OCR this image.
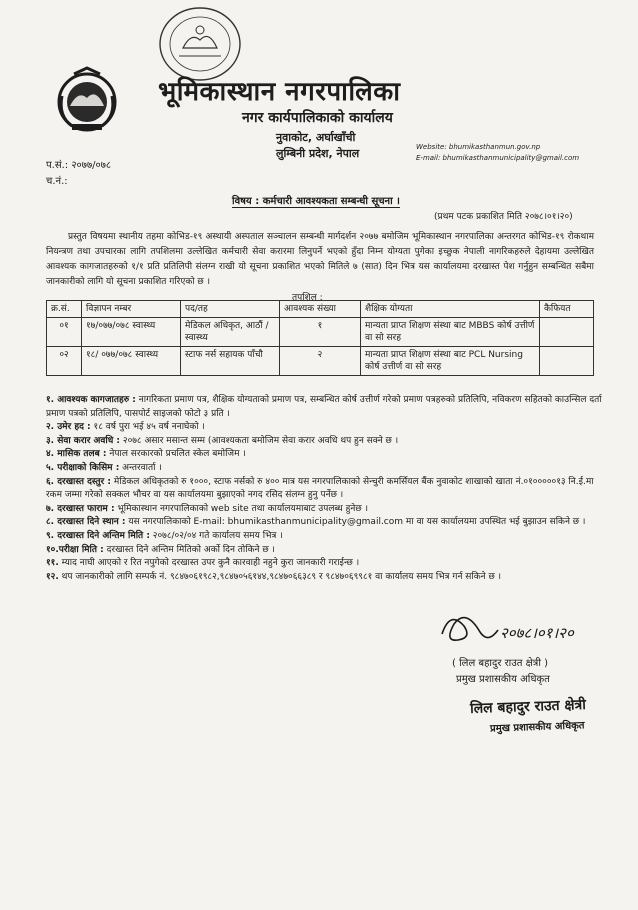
भूमिकास्थान नगरपालिका
नगर कार्यपालिकाको कार्यालय
नुवाकोट, अर्घाखाँची
लुम्बिनी प्रदेश, नेपाल	Website: bhumikasthanmun.gov.np
E-mail: bhumikasthanmunicipality@gmail.com
प.सं.: २०७७/०७८
च.नं.:
विषय : कर्मचारी आवश्यकता सम्बन्धी सूचना ।
(प्रथम पटक प्रकाशित मिति २०७८।०१।२०)
प्रस्तुत विषयमा स्थानीय तहमा कोभिड-१९ अस्थायी अस्पताल सञ्चालन सम्बन्धी मार्गदर्शन २०७७ बमोजिम भूमिकास्थान नगरपालिका अन्तरगत कोभिड-१९ रोकथाम नियन्त्रण तथा उपचारका लागि तपशिलमा उल्लेखित कर्मचारी सेवा करारमा लिनुपर्ने भएको हुँदा निम्न योग्यता पुगेका इच्छुक नेपाली नागरिकहरुले देहायमा उल्लेखित आवश्यक कागजातहरुको १/१ प्रति प्रतिलिपी संलग्न राखी यो सूचना प्रकाशित भएको मितिले ७ (सात) दिन भित्र यस कार्यालयमा दरखास्त पेश गर्नुहुन सम्बन्धित सबैमा जानकारीको लागि यो सूचना प्रकाशित गरिएको छ ।
तपशिल :
क्र.सं.	विज्ञापन नम्बर	पद/तह	आवश्यक संख्या	शैक्षिक योग्यता	कैफियत
०१	१७/०७७/०७८ स्वास्थ्य	मेडिकल अधिकृत, आठौं / स्वास्थ्य	१	मान्यता प्राप्त शिक्षण संस्था बाट MBBS कोर्ष उत्तीर्ण वा सो सरह	
०२	१८/ ०७७/०७८ स्वास्थ्य	स्टाफ नर्स सहायक पाँचौ	२	मान्यता प्राप्त शिक्षण संस्था बाट PCL Nursing कोर्ष उत्तीर्ण वा सो सरह	
१. आवश्यक कागजातहरु : नागरिकता प्रमाण पत्र, शैक्षिक योग्यताको प्रमाण पत्र, सम्बन्धित कोर्ष उत्तीर्ण गरेको प्रमाण पत्रहरुको प्रतिलिपि, नविकरण सहितको काउन्सिल दर्ता प्रमाण पत्रको प्रतिलिपि, पासपोर्ट साइजको फोटो ३ प्रति ।
२. उमेर हद : १८ वर्ष पुरा भई ४५ वर्ष ननाघेको ।
३. सेवा करार अवधि : २०७८ असार मसान्त सम्म (आवश्यकता बमोजिम सेवा करार अवधि थप हुन सक्ने छ ।
४. मासिक तलब : नेपाल सरकारको प्रचलित स्केल बमोजिम ।
५. परीक्षाको किसिम : अन्तरवार्ता ।
६. दरखास्त दस्तुर : मेडिकल अधिकृतको रु १०००, स्टाफ नर्सको रु ४०० मात्र यस नगरपालिकाको सेन्चुरी कमर्सियल बैंक नुवाकोट शाखाको खाता नं.०१०००००१३ नि.ई.मा रकम जम्मा गरेको सक्कल भौचर वा यस कार्यालयमा बुझाएको नगद रसिद संलग्न हुनु पर्नेछ ।
७. दरखास्त फाराम : भूमिकास्थान नगरपालिकाको web site तथा कार्यालयमाबाट उपलब्ध हुनेछ ।
८. दरखास्त दिने स्थान : यस नगरपालिकाको E-mail: bhumikasthanmunicipality@gmail.com मा वा यस कार्यालयमा उपस्थित भई बुझाउन सकिने छ ।
९. दरखास्त दिने अन्तिम मिति : २०७८/०२/०४ गते कार्यालय समय भित्र ।
१०.परीक्षा मिति : दरखास्त दिने अन्तिम मितिको अर्को दिन तोकिने छ ।
११. म्याद नाघी आएको र रित नपुगेको दरखास्त उपर कुनै कारवाही नहुने कुरा जानकारी गराईन्छ ।
१२. थप जानकारीको लागि सम्पर्क नं. ९८४७०६१९८२,९८४७०५६१४४,९८४७०६६३८९ र ९८४७०६९९८१ वा कार्यालय समय भित्र गर्न सकिने छ ।
२०७८।०१।२०
( लिल बहादुर राउत क्षेत्री )
प्रमुख प्रशासकीय अधिकृत
लिल बहादुर राउत क्षेत्री
प्रमुख प्रशासकीय अधिकृत
